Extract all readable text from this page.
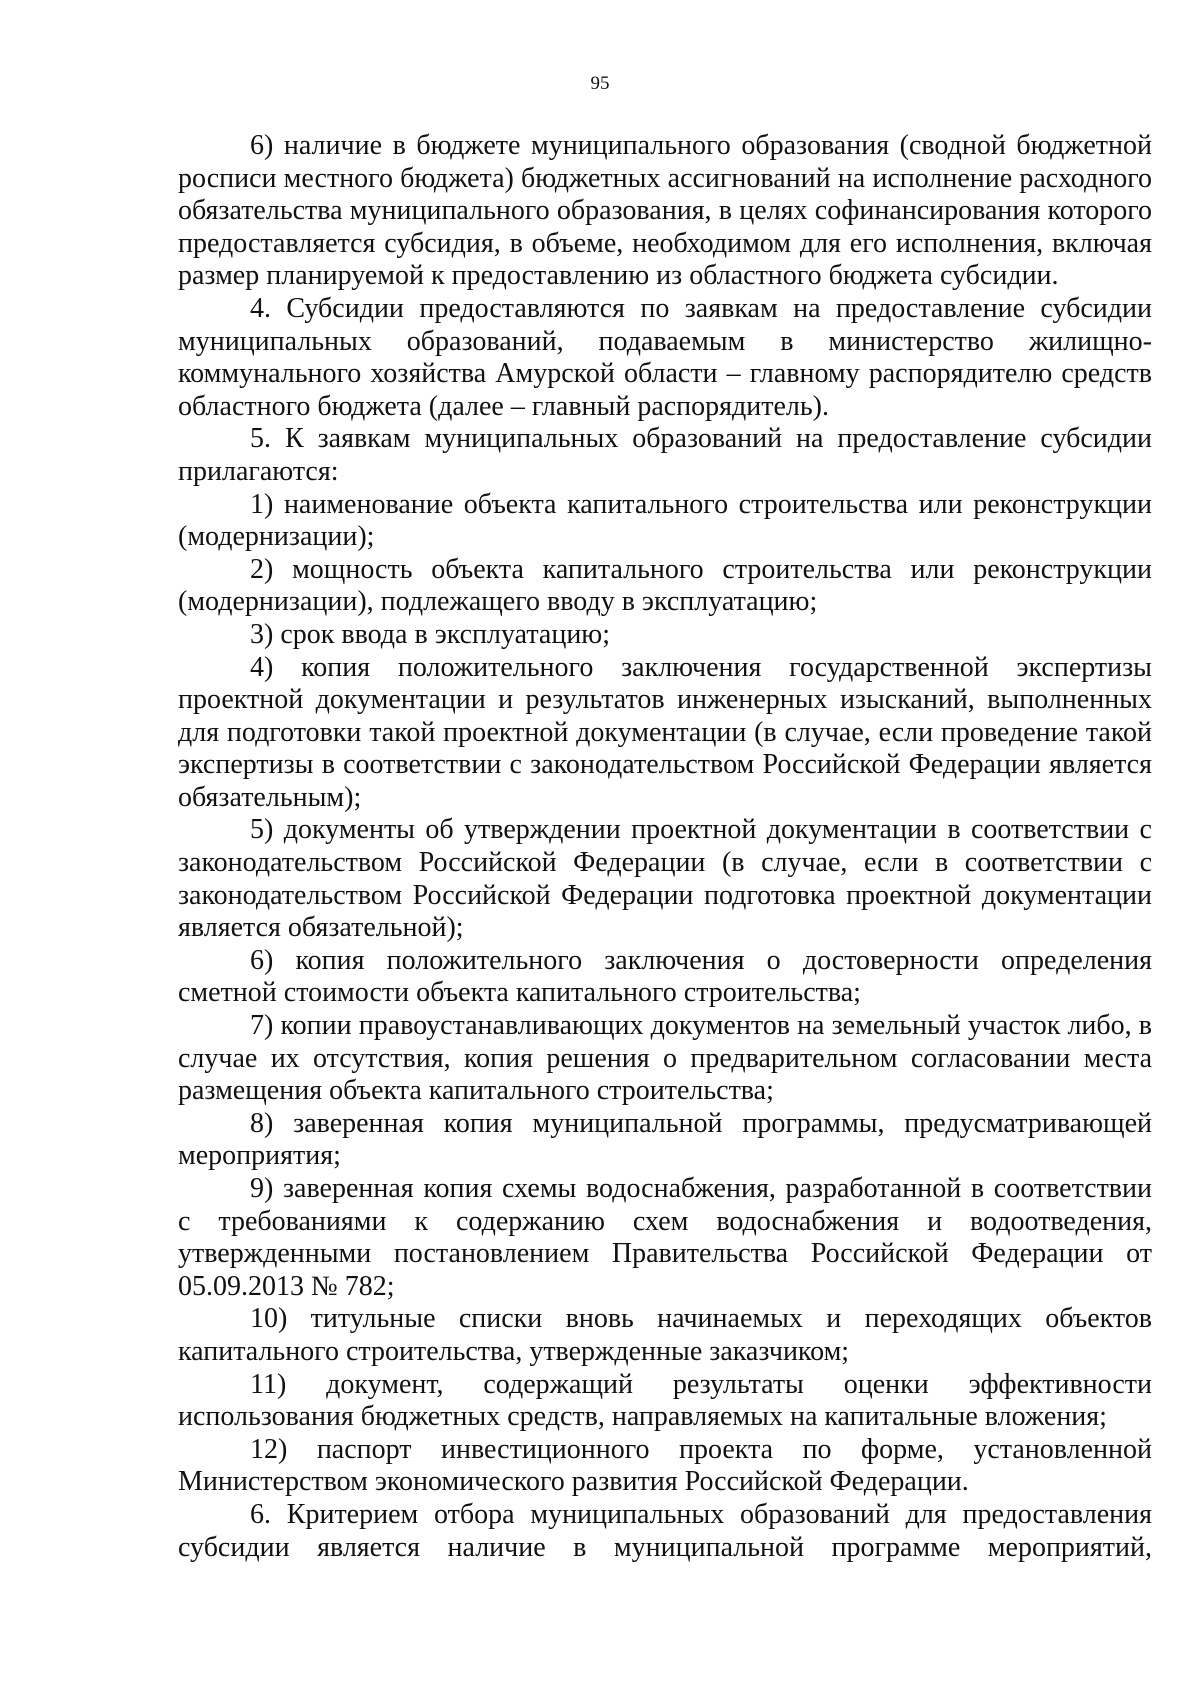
95

6) наличие в бюджете муниципального образования (сводной бюджетной росписи местного бюджета) бюджетных ассигнований на исполнение расходного обязательства муниципального образования, в целях софинансирования которого предоставляется субсидия, в объеме, необходимом для его исполнения, включая размер планируемой к предоставлению из областного бюджета субсидии.

4. Субсидии предоставляются по заявкам на предоставление субсидии муниципальных образований, подаваемым в министерство жилищно-коммунального хозяйства Амурской области – главному распорядителю средств областного бюджета (далее – главный распорядитель).

5. К заявкам муниципальных образований на предоставление субсидии прилагаются:

1) наименование объекта капитального строительства или реконструкции (модернизации);

2) мощность объекта капитального строительства или реконструкции (модернизации), подлежащего вводу в эксплуатацию;

3) срок ввода в эксплуатацию;

4) копия положительного заключения государственной экспертизы проектной документации и результатов инженерных изысканий, выполненных для подготовки такой проектной документации (в случае, если проведение такой экспертизы в соответствии с законодательством Российской Федерации является обязательным);

5) документы об утверждении проектной документации в соответствии с законодательством Российской Федерации (в случае, если в соответствии с законодательством Российской Федерации подготовка проектной документации является обязательной);

6) копия положительного заключения о достоверности определения сметной стоимости объекта капитального строительства;

7) копии правоустанавливающих документов на земельный участок либо, в случае их отсутствия, копия решения о предварительном согласовании места размещения объекта капитального строительства;

8) заверенная копия муниципальной программы, предусматривающей мероприятия;

9) заверенная копия схемы водоснабжения, разработанной в соответствии с требованиями к содержанию схем водоснабжения и водоотведения, утвержденными постановлением Правительства Российской Федерации от 05.09.2013 № 782;

10) титульные списки вновь начинаемых и переходящих объектов капитального строительства, утвержденные заказчиком;

11) документ, содержащий результаты оценки эффективности использования бюджетных средств, направляемых на капитальные вложения;

12) паспорт инвестиционного проекта по форме, установленной Министерством экономического развития Российской Федерации.

6. Критерием отбора муниципальных образований для предоставления субсидии является наличие в муниципальной программе мероприятий,
